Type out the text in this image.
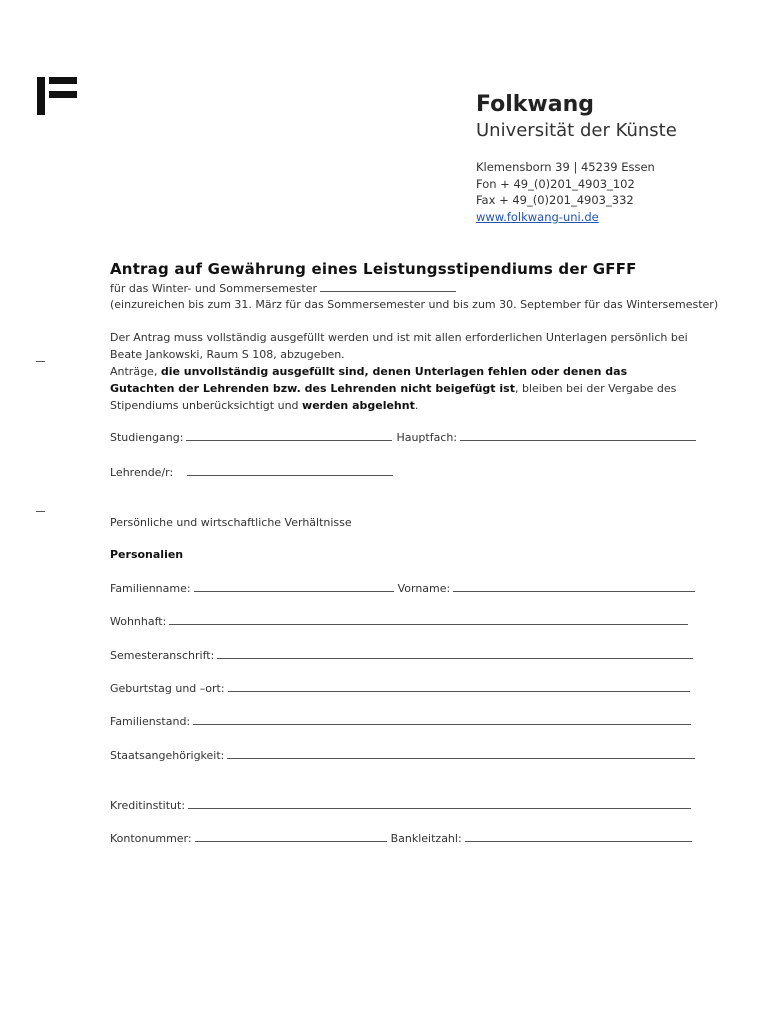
Folkwang
Universität der Künste
Klemensborn 39 | 45239 Essen
Fon + 49_(0)201_4903_102
Fax + 49_(0)201_4903_332
www.folkwang-uni.de
Antrag auf Gewährung eines Leistungsstipendiums der GFFF
für das Winter- und Sommersemester
(einzureichen bis zum 31. März für das Sommersemester und bis zum 30. September für das Wintersemester)
Der Antrag muss vollständig ausgefüllt werden und ist mit allen erforderlichen Unterlagen persönlich bei
Beate Jankowski, Raum S 108, abzugeben.
Anträge, die unvollständig ausgefüllt sind, denen Unterlagen fehlen oder denen das
Gutachten der Lehrenden bzw. des Lehrenden nicht beigefügt ist, bleiben bei der Vergabe des
Stipendiums unberücksichtigt und werden abgelehnt.
Studiengang:	Hauptfach:
Lehrende/r:
Persönliche und wirtschaftliche Verhältnisse
Personalien
Familienname:	Vorname:
Wohnhaft:
Semesteranschrift:
Geburtstag und –ort:
Familienstand:
Staatsangehörigkeit:
Kreditinstitut:
Kontonummer:	Bankleitzahl:
